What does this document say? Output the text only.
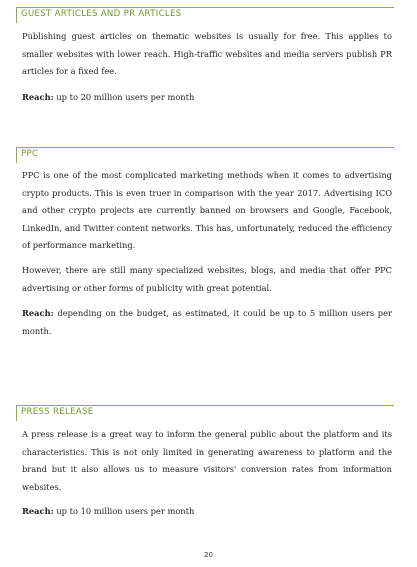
GUEST ARTICLES AND PR ARTICLES

Publishing guest articles on thematic websites is usually for free. This applies to smaller websites with lower reach. High-traffic websites and media servers publish PR articles for a fixed fee.

Reach: up to 20 million users per month

PPC

PPC is one of the most complicated marketing methods when it comes to advertising crypto products. This is even truer in comparison with the year 2017. Advertising ICO and other crypto projects are currently banned on browsers and Google, Facebook, LinkedIn, and Twitter content networks. This has, unfortunately, reduced the efficiency of performance marketing.

However, there are still many specialized websites, blogs, and media that offer PPC advertising or other forms of publicity with great potential.

Reach: depending on the budget, as estimated, it could be up to 5 million users per month.

PRESS RELEASE

A press release is a great way to inform the general public about the platform and its characteristics. This is not only limited in generating awareness to platform and the brand but it also allows us to measure visitors' conversion rates from information websites.

Reach: up to 10 million users per month

20
